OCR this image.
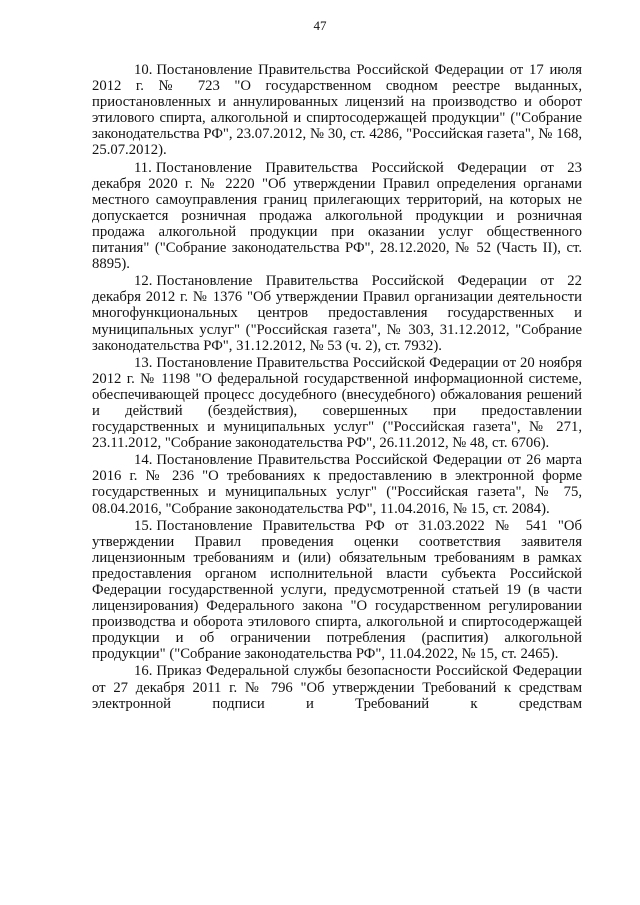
47

10. Постановление Правительства Российской Федерации от 17 июля 2012 г. № 723 "О государственном сводном реестре выданных, приостановленных и аннулированных лицензий на производство и оборот этилового спирта, алкогольной и спиртосодержащей продукции" ("Собрание законодательства РФ", 23.07.2012, № 30, ст. 4286, "Российская газета", № 168, 25.07.2012).

11. Постановление Правительства Российской Федерации от 23 декабря 2020 г. № 2220 "Об утверждении Правил определения органами местного самоуправления границ прилегающих территорий, на которых не допускается розничная продажа алкогольной продукции и розничная продажа алкогольной продукции при оказании услуг общественного питания" ("Собрание законодательства РФ", 28.12.2020, № 52 (Часть II), ст. 8895).

12. Постановление Правительства Российской Федерации от 22 декабря 2012 г. № 1376 "Об утверждении Правил организации деятельности многофункциональных центров предоставления государственных и муниципальных услуг" ("Российская газета", № 303, 31.12.2012, "Собрание законодательства РФ", 31.12.2012, № 53 (ч. 2), ст. 7932).

13. Постановление Правительства Российской Федерации от 20 ноября 2012 г. № 1198 "О федеральной государственной информационной системе, обеспечивающей процесс досудебного (внесудебного) обжалования решений и действий (бездействия), совершенных при предоставлении государственных и муниципальных услуг" ("Российская газета", № 271, 23.11.2012, "Собрание законодательства РФ", 26.11.2012, № 48, ст. 6706).

14. Постановление Правительства Российской Федерации от 26 марта 2016 г. № 236 "О требованиях к предоставлению в электронной форме государственных и муниципальных услуг" ("Российская газета", № 75, 08.04.2016, "Собрание законодательства РФ", 11.04.2016, № 15, ст. 2084).

15. Постановление Правительства РФ от 31.03.2022 № 541 "Об утверждении Правил проведения оценки соответствия заявителя лицензионным требованиям и (или) обязательным требованиям в рамках предоставления органом исполнительной власти субъекта Российской Федерации государственной услуги, предусмотренной статьей 19 (в части лицензирования) Федерального закона "О государственном регулировании производства и оборота этилового спирта, алкогольной и спиртосодержащей продукции и об ограничении потребления (распития) алкогольной продукции" ("Собрание законодательства РФ", 11.04.2022, № 15, ст. 2465).

16. Приказ Федеральной службы безопасности Российской Федерации от 27 декабря 2011 г. № 796 "Об утверждении Требований к средствам электронной подписи и Требований к средствам
